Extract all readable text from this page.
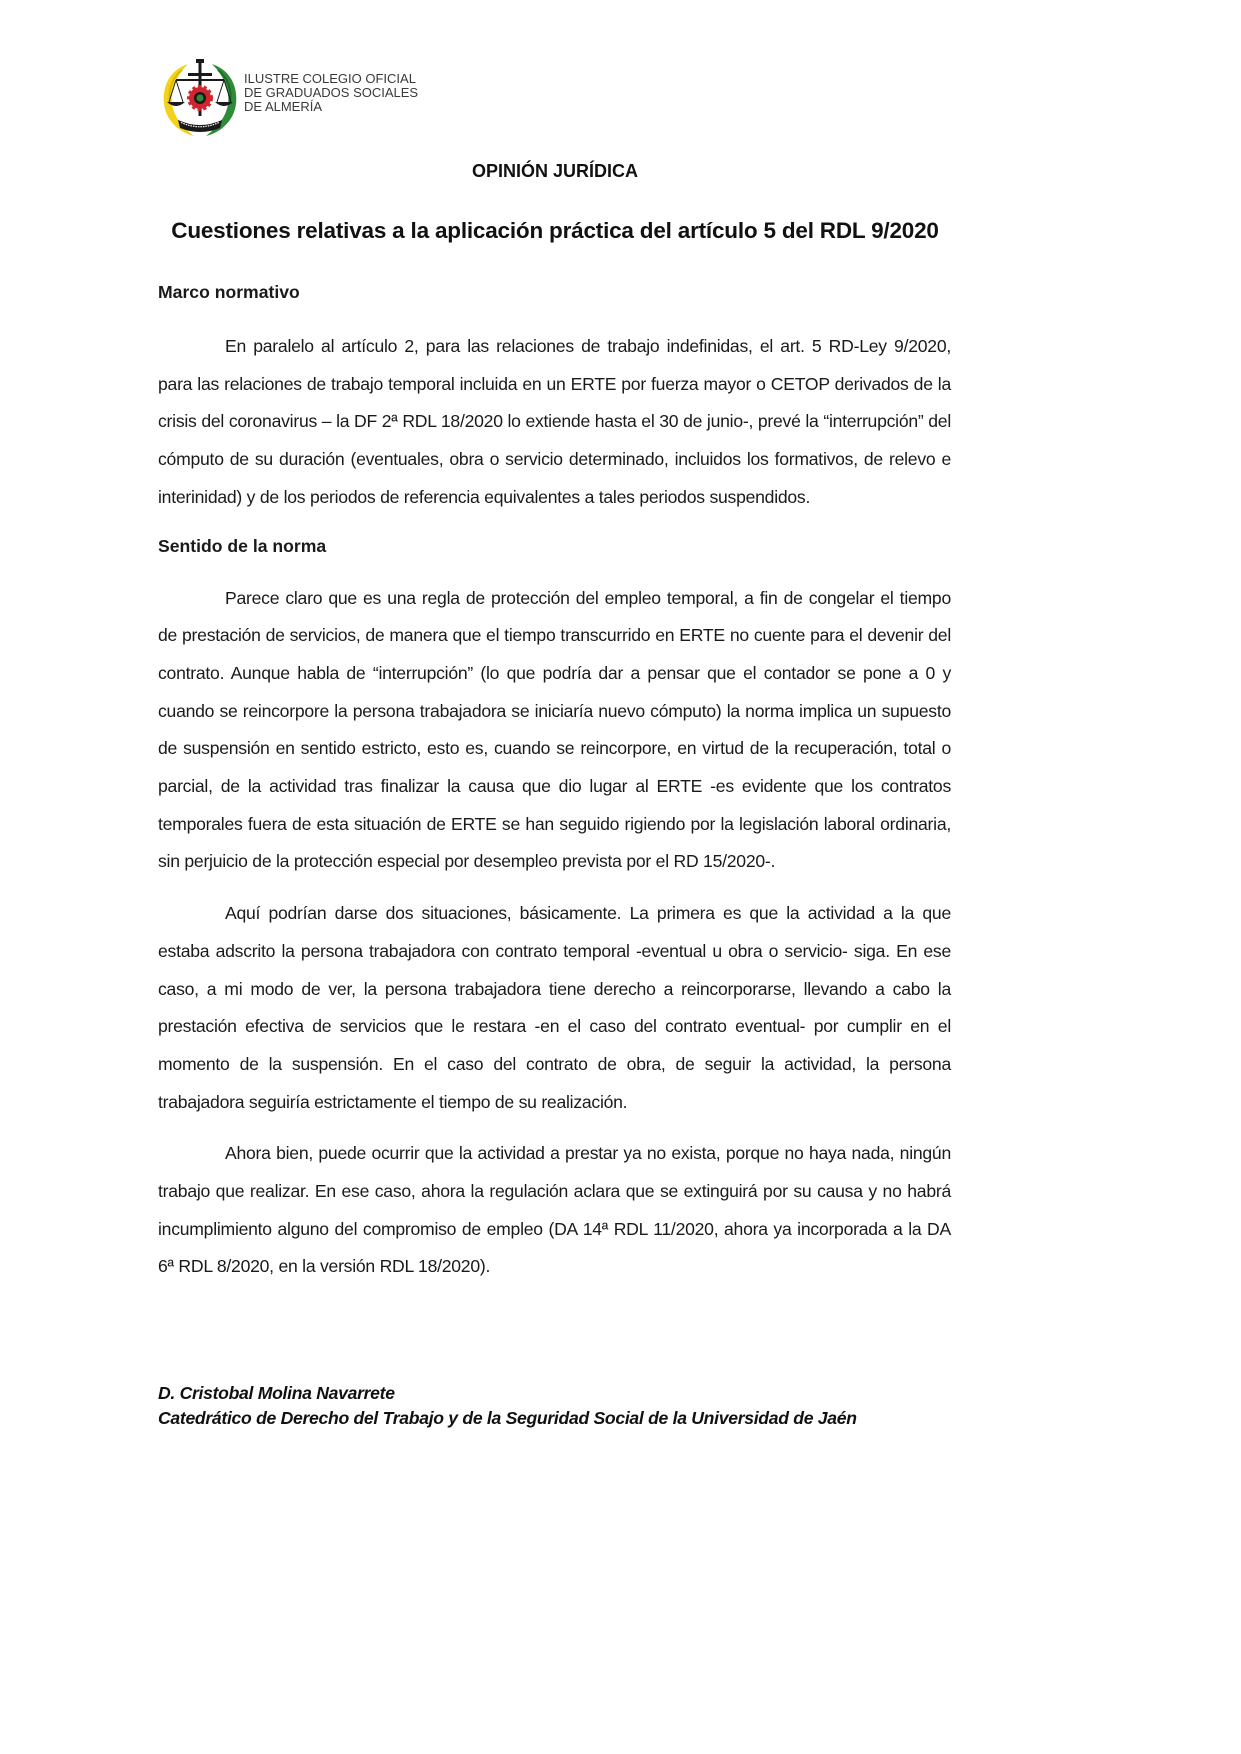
ILUSTRE COLEGIO OFICIAL
DE GRADUADOS SOCIALES
DE ALMERÍA
OPINIÓN JURÍDICA
Cuestiones relativas a la aplicación práctica del artículo 5 del RDL 9/2020
Marco normativo

En paralelo al artículo 2, para las relaciones de trabajo indefinidas, el art. 5 RD-Ley 9/2020, para las relaciones de trabajo temporal incluida en un ERTE por fuerza mayor o CETOP derivados de la crisis del coronavirus – la DF 2ª RDL 18/2020 lo extiende hasta el 30 de junio-, prevé la “interrupción” del cómputo de su duración (eventuales, obra o servicio determinado, incluidos los formativos, de relevo e interinidad) y de los periodos de referencia equivalentes a tales periodos suspendidos.

Sentido de la norma

Parece claro que es una regla de protección del empleo temporal, a fin de congelar el tiempo de prestación de servicios, de manera que el tiempo transcurrido en ERTE no cuente para el devenir del contrato. Aunque habla de “interrupción” (lo que podría dar a pensar que el contador se pone a 0 y cuando se reincorpore la persona trabajadora se iniciaría nuevo cómputo) la norma implica un supuesto de suspensión en sentido estricto, esto es, cuando se reincorpore, en virtud de la recuperación, total o parcial, de la actividad tras finalizar la causa que dio lugar al ERTE -es evidente que los contratos temporales fuera de esta situación de ERTE se han seguido rigiendo por la legislación laboral ordinaria, sin perjuicio de la protección especial por desempleo prevista por el RD 15/2020-.

Aquí podrían darse dos situaciones, básicamente. La primera es que la actividad a la que estaba adscrito la persona trabajadora con contrato temporal -eventual u obra o servicio- siga. En ese caso, a mi modo de ver, la persona trabajadora tiene derecho a reincorporarse, llevando a cabo la prestación efectiva de servicios que le restara -en el caso del contrato eventual- por cumplir en el momento de la suspensión. En el caso del contrato de obra, de seguir la actividad, la persona trabajadora seguiría estrictamente el tiempo de su realización.

Ahora bien, puede ocurrir que la actividad a prestar ya no exista, porque no haya nada, ningún trabajo que realizar. En ese caso, ahora la regulación aclara que se extinguirá por su causa y no habrá incumplimiento alguno del compromiso de empleo (DA 14ª RDL 11/2020, ahora ya incorporada a la DA 6ª RDL 8/2020, en la versión RDL 18/2020).

D. Cristobal Molina Navarrete
Catedrático de Derecho del Trabajo y de la Seguridad Social de la Universidad de Jaén
